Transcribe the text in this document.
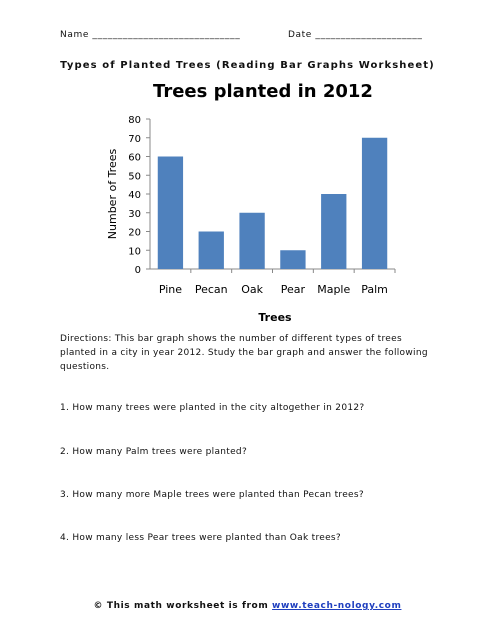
Name _____________________________	Date _____________________
Types of Planted Trees (Reading Bar Graphs Worksheet)
Trees planted in 2012
0
10
20
30
40
50
60
70
80
Pine Pecan Oak Pear Maple Palm
Trees
Number of Trees
Directions: This bar graph shows the number of different types of trees planted in a city in year 2012. Study the bar graph and answer the following questions.
1. How many trees were planted in the city altogether in 2012?
2. How many Palm trees were planted?
3. How many more Maple trees were planted than Pecan trees?
4. How many less Pear trees were planted than Oak trees?
© This math worksheet is from www.teach-nology.com
